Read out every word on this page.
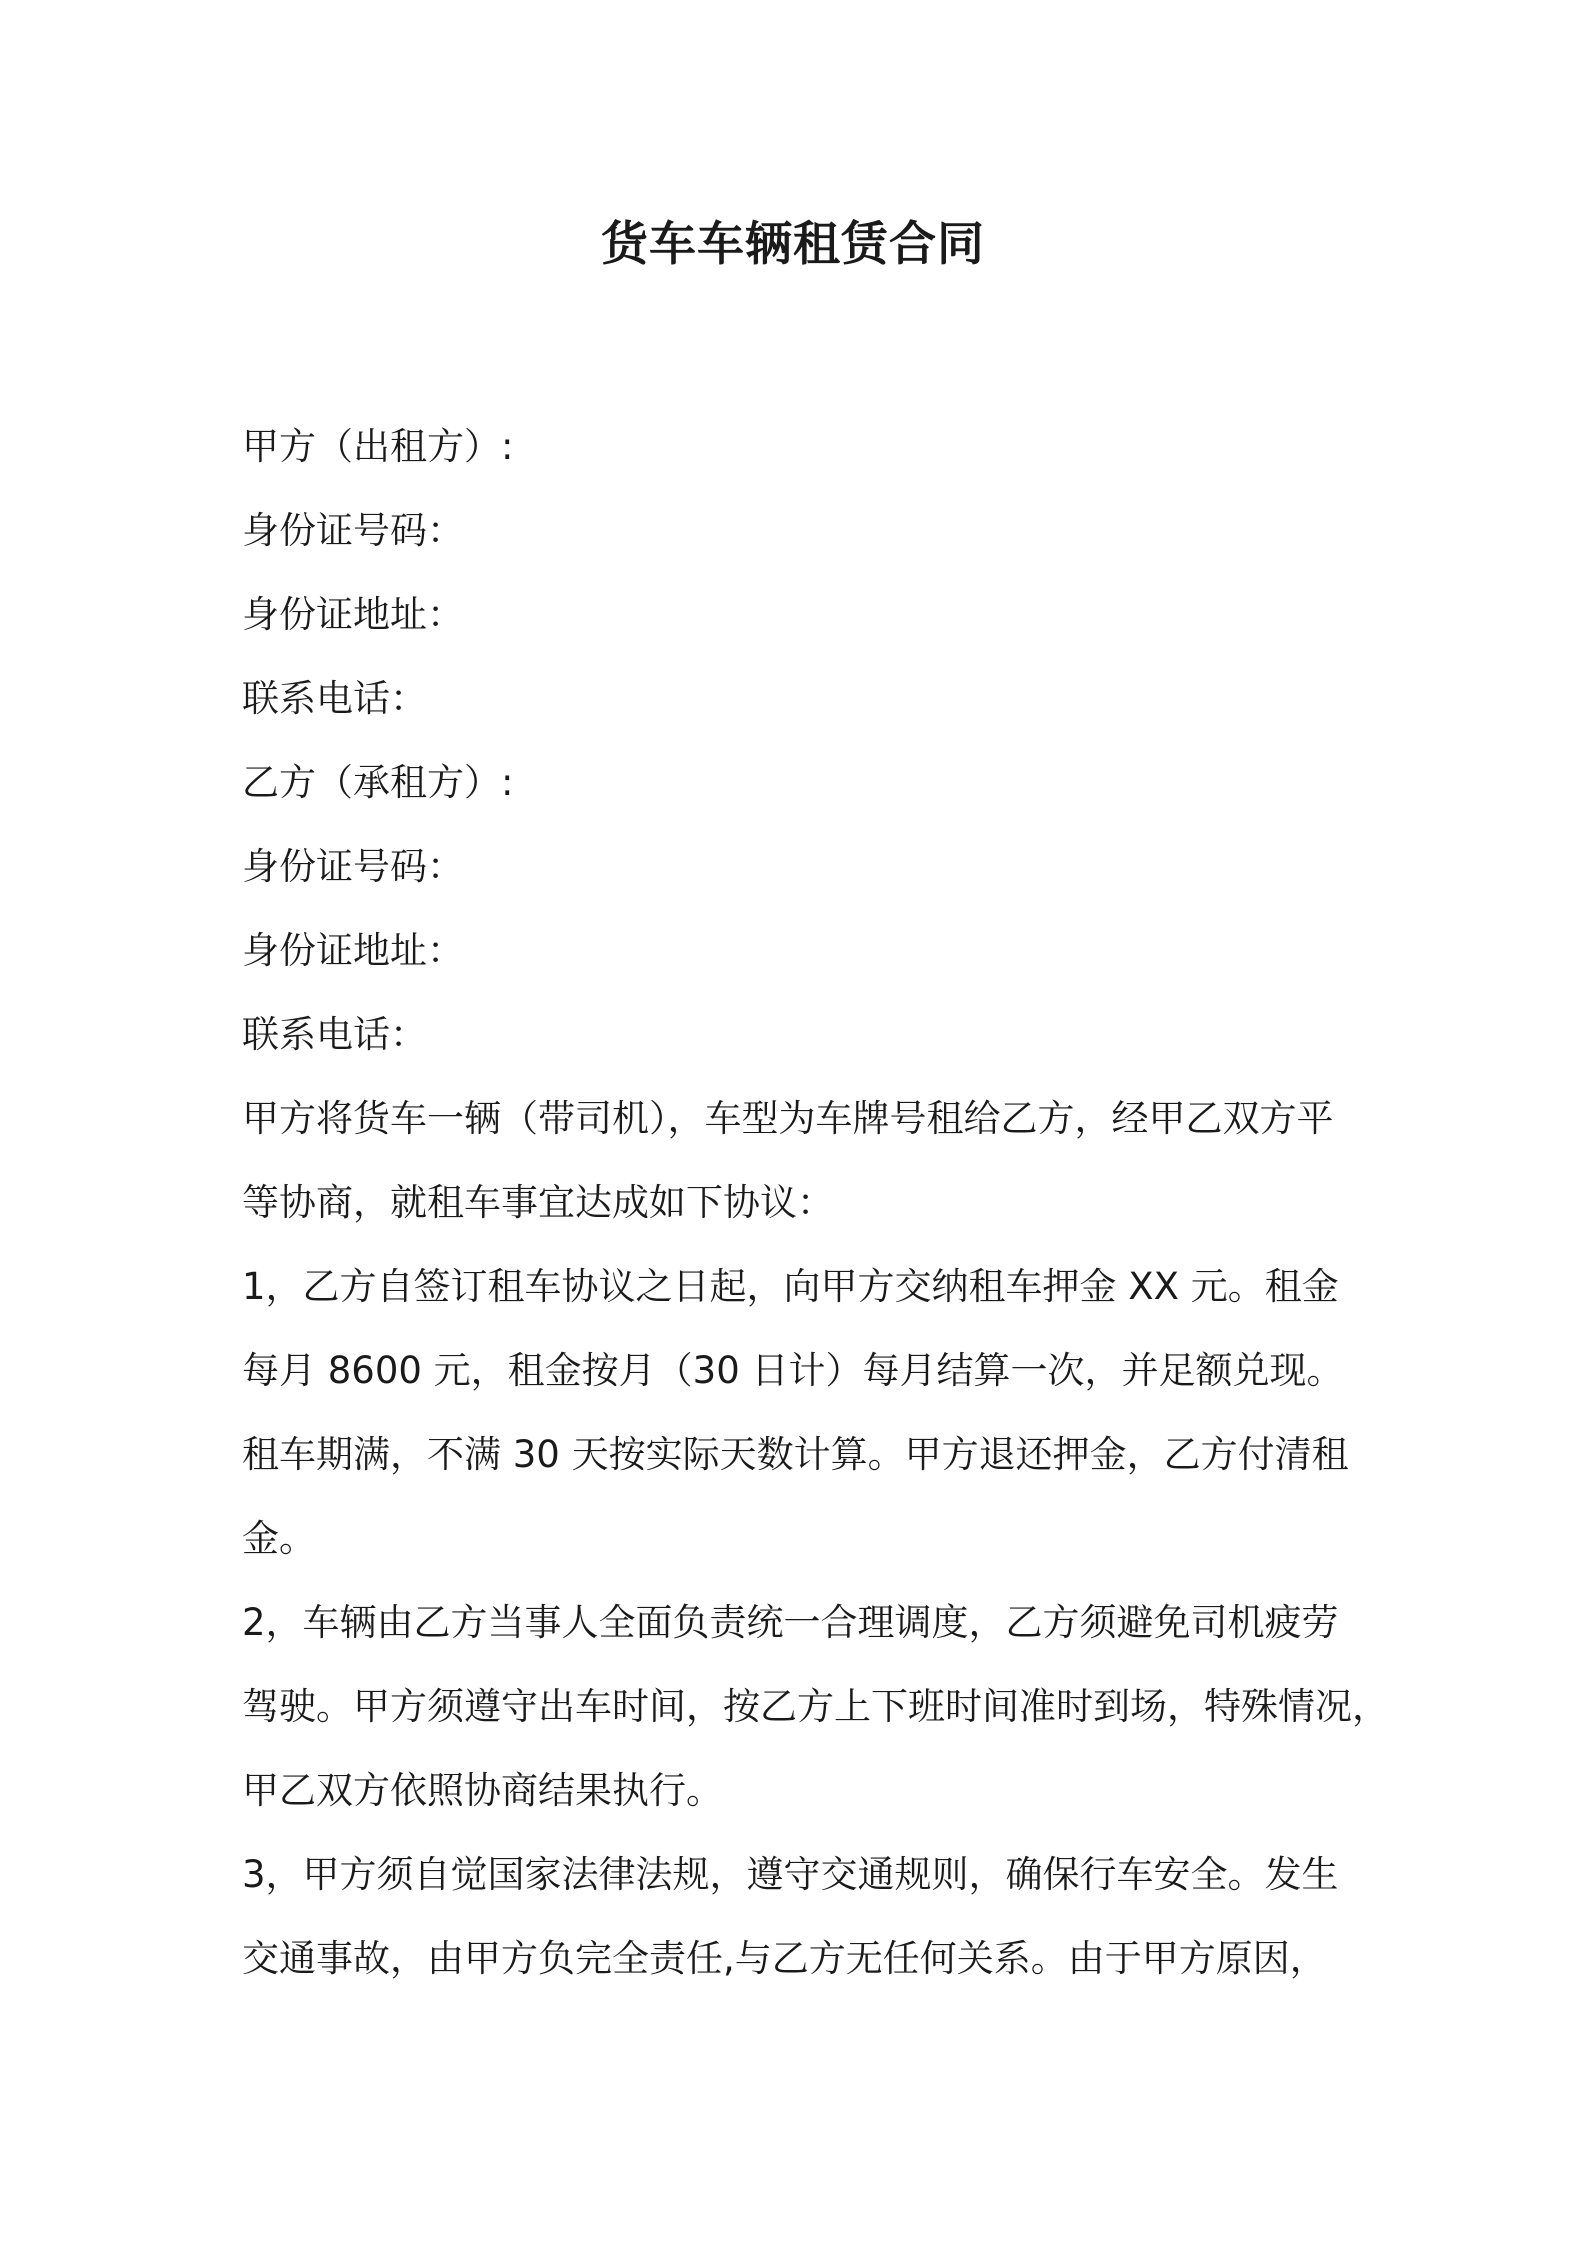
货车车辆租赁合同

甲方（出租方）:

身份证号码：

身份证地址：

联系电话：

乙方（承租方）:

身份证号码：

身份证地址：

联系电话：

甲方将货车一辆（带司机），车型为车牌号租给乙方，经甲乙双方平

等协商，就租车事宜达成如下协议：

1，乙方自签订租车协议之日起，向甲方交纳租车押金 XX 元。租金

每月 8600 元，租金按月（30 日计）每月结算一次，并足额兑现。

租车期满，不满 30 天按实际天数计算。甲方退还押金，乙方付清租

金。

2，车辆由乙方当事人全面负责统一合理调度，乙方须避免司机疲劳

驾驶。甲方须遵守出车时间，按乙方上下班时间准时到场，特殊情况，

甲乙双方依照协商结果执行。

3，甲方须自觉国家法律法规，遵守交通规则，确保行车安全。发生

交通事故，由甲方负完全责任,与乙方无任何关系。由于甲方原因，
